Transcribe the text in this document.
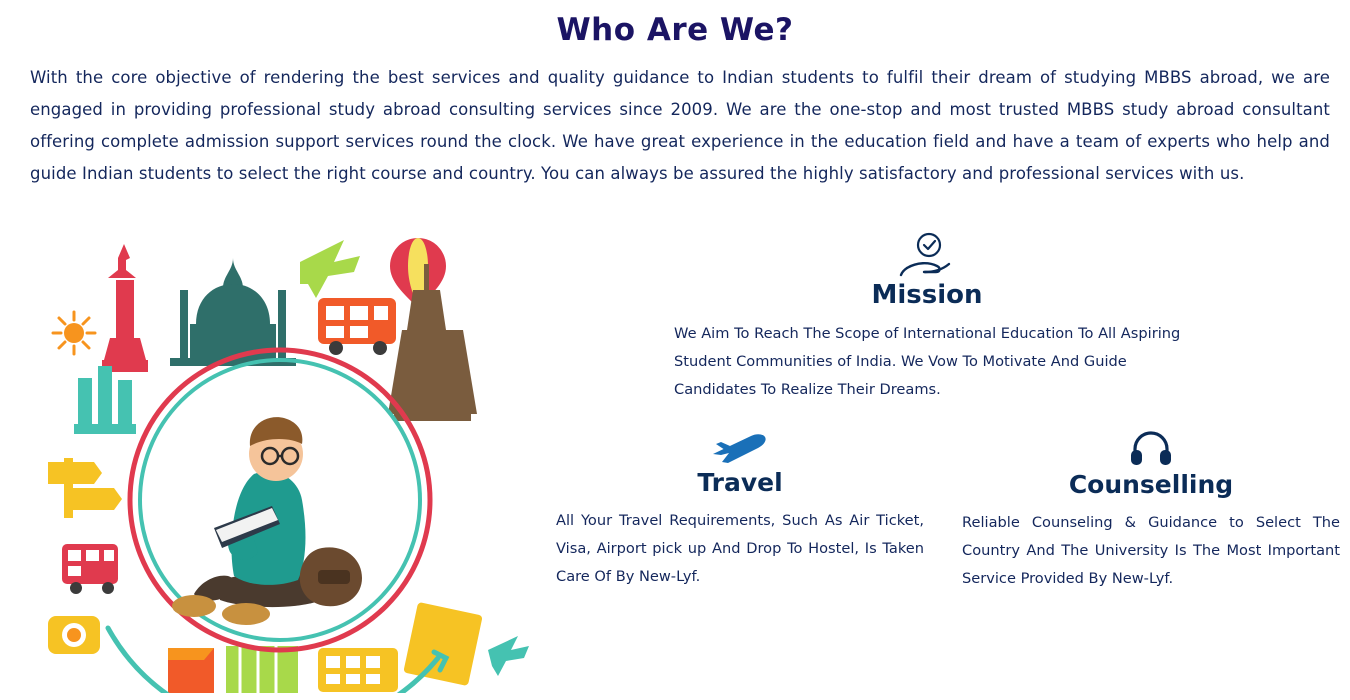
Who Are We?
With the core objective of rendering the best services and quality guidance to Indian students to fulfil their dream of studying MBBS abroad, we are engaged in providing professional study abroad consulting services since 2009. We are the one-stop and most trusted MBBS study abroad consultant offering complete admission support services round the clock. We have great experience in the education field and have a team of experts who help and guide Indian students to select the right course and country. You can always be assured the highly satisfactory and professional services with us.
Mission
We Aim To Reach The Scope of International Education To All Aspiring Student Communities of India. We Vow To Motivate And Guide Candidates To Realize Their Dreams.
Travel
All Your Travel Requirements, Such As Air Ticket, Visa, Airport pick up And Drop To Hostel, Is Taken Care Of By New-Lyf.
Counselling
Reliable Counseling & Guidance to Select The Country And The University Is The Most Important Service Provided By New-Lyf.
